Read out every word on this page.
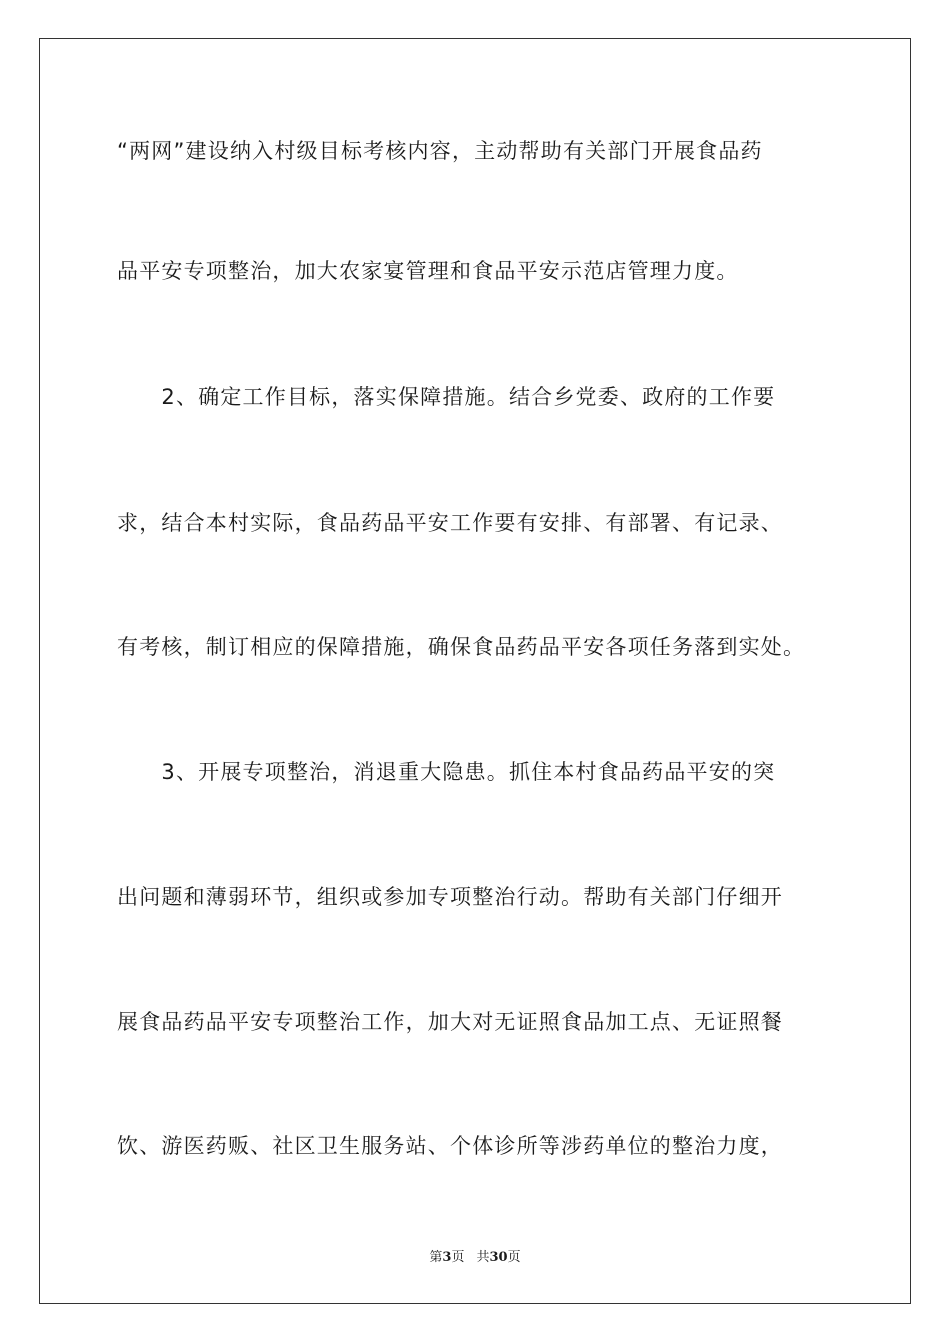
“两网”建设纳入村级目标考核内容，主动帮助有关部门开展食品药
品平安专项整治，加大农家宴管理和食品平安示范店管理力度。
　　2、确定工作目标，落实保障措施。结合乡党委、政府的工作要
求，结合本村实际，食品药品平安工作要有安排、有部署、有记录、
有考核，制订相应的保障措施，确保食品药品平安各项任务落到实处。
　　3、开展专项整治，消退重大隐患。抓住本村食品药品平安的突
出问题和薄弱环节，组织或参加专项整治行动。帮助有关部门仔细开
展食品药品平安专项整治工作，加大对无证照食品加工点、无证照餐
饮、游医药贩、社区卫生服务站、个体诊所等涉药单位的整治力度，
第3页 共30页
